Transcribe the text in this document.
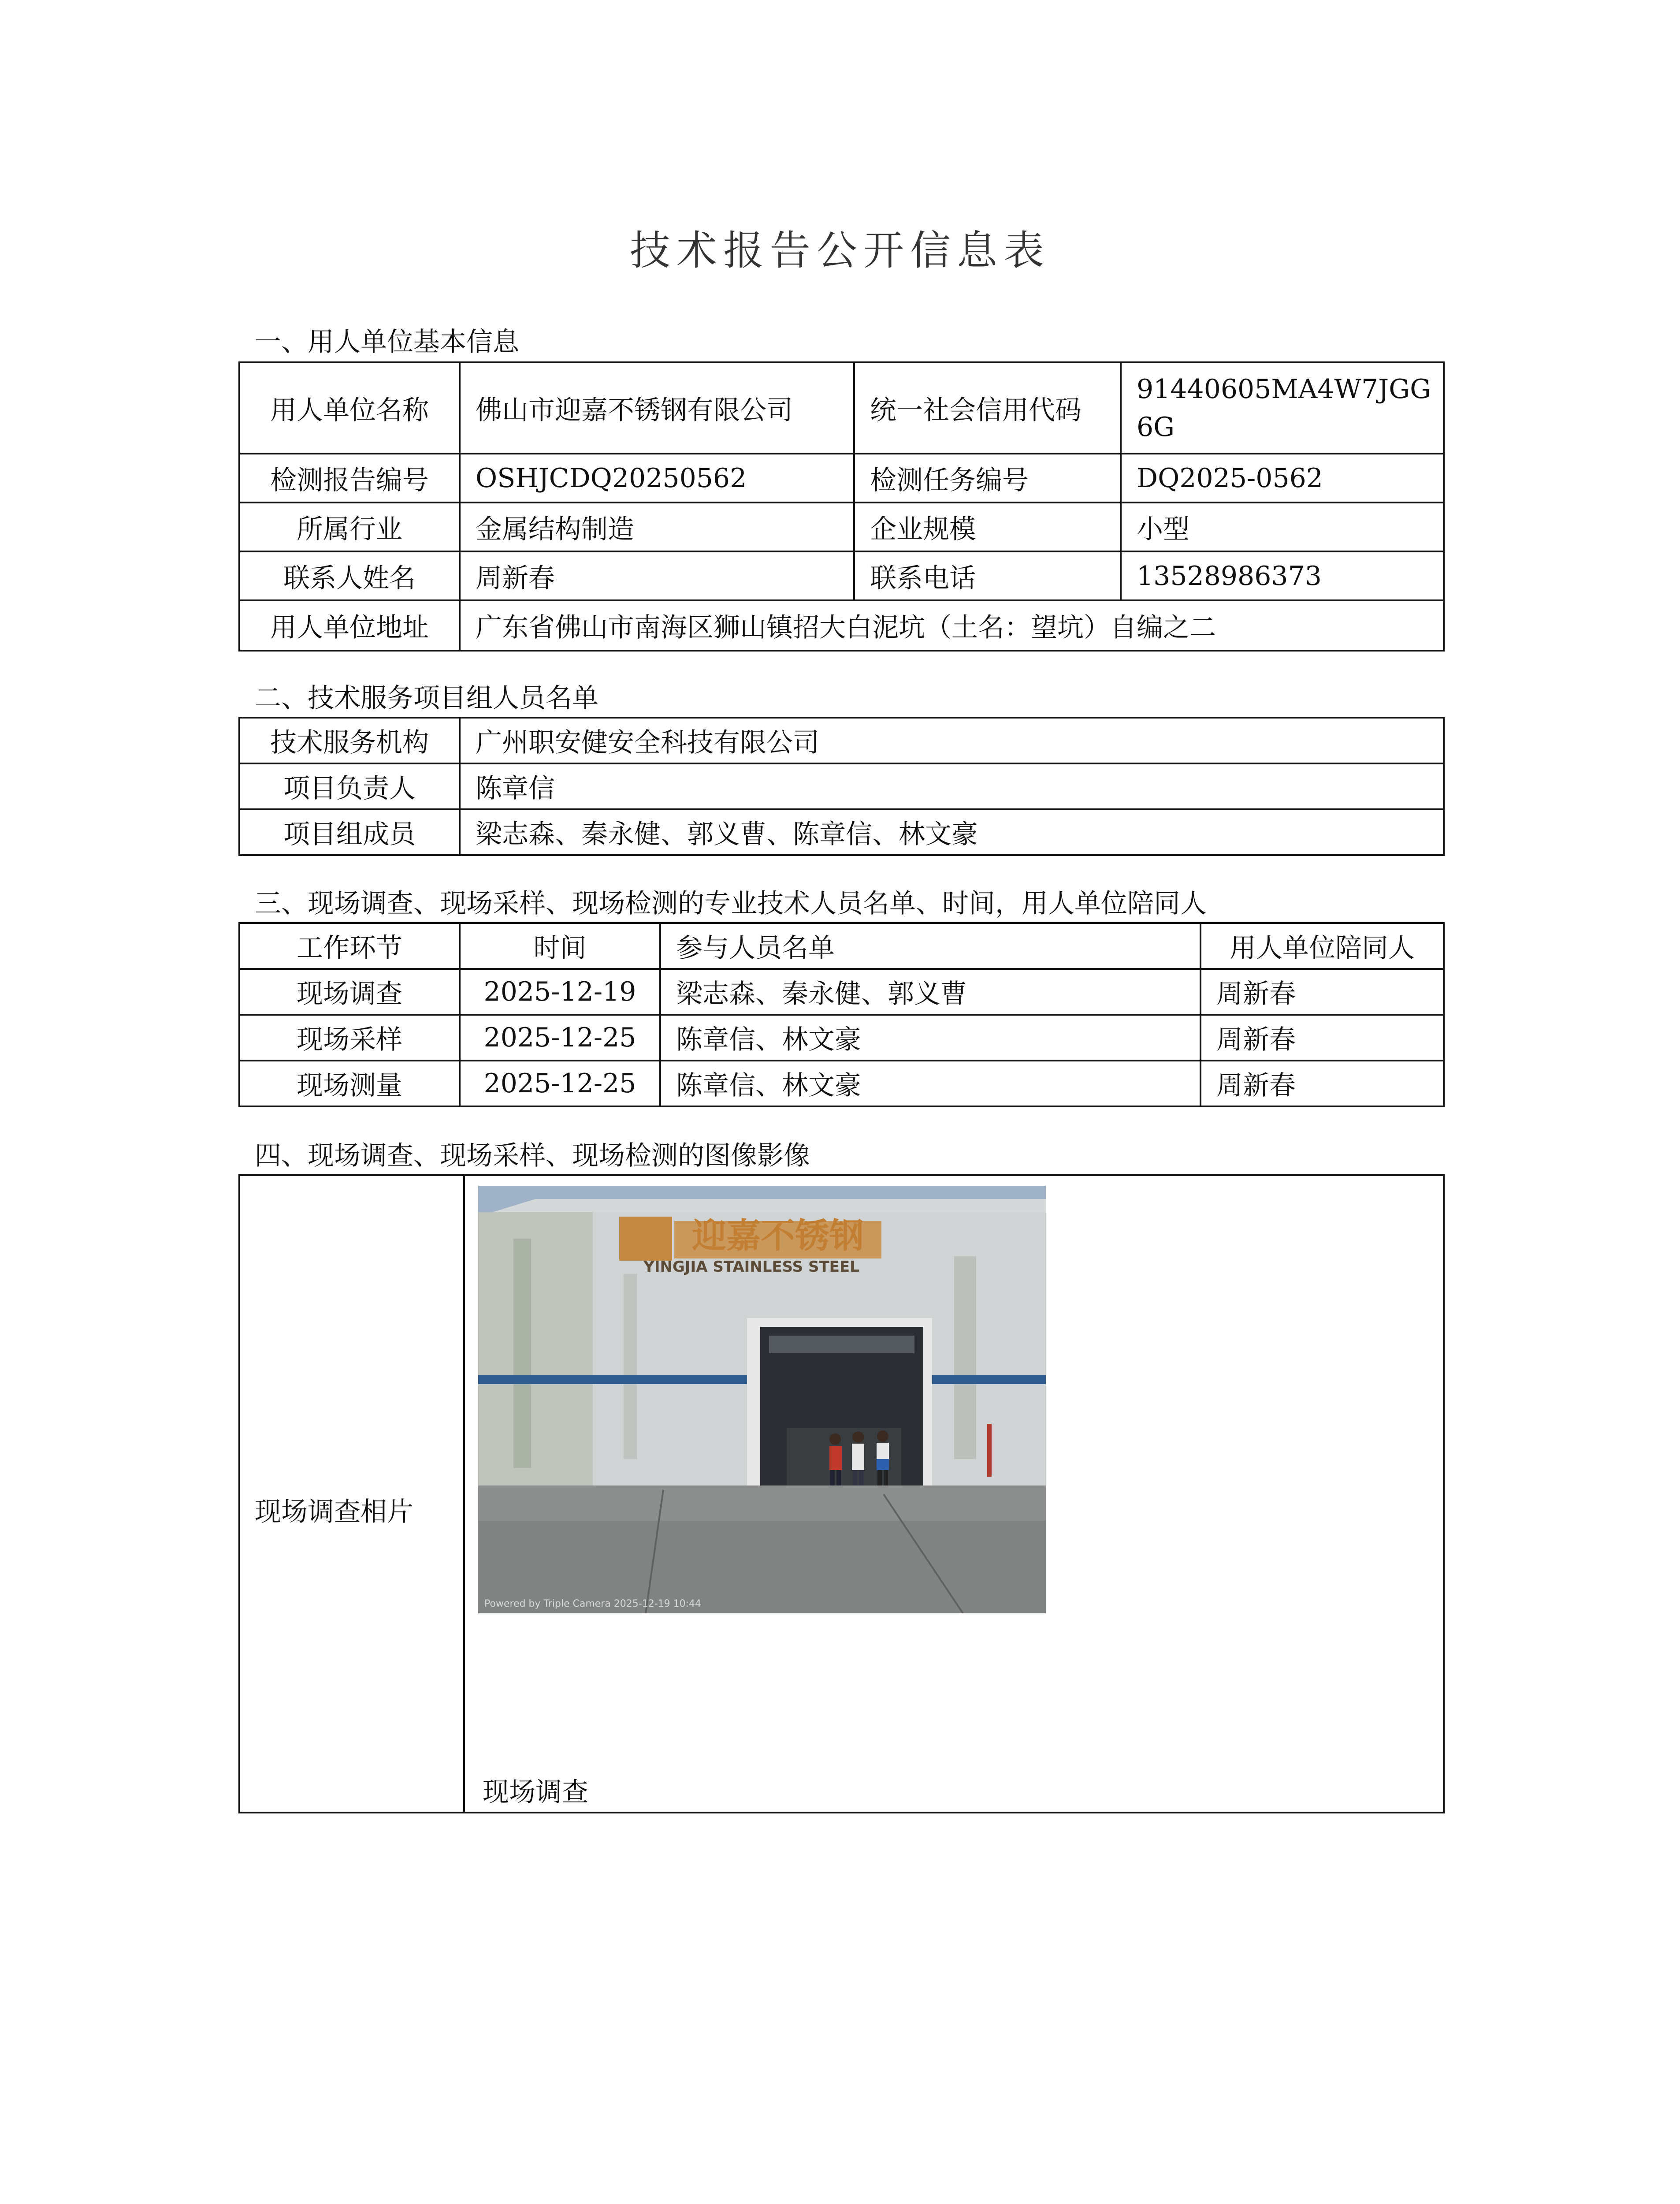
技术报告公开信息表
一、用人单位基本信息
用人单位名称	佛山市迎嘉不锈钢有限公司	统一社会信用代码	91440605MA4W7JGG6G
检测报告编号	OSHJCDQ20250562	检测任务编号	DQ2025-0562
所属行业	金属结构制造	企业规模	小型
联系人姓名	周新春	联系电话	13528986373
用人单位地址	广东省佛山市南海区狮山镇招大白泥坑（土名：望坑）自编之二		
二、技术服务项目组人员名单
技术服务机构	广州职安健安全科技有限公司
项目负责人	陈章信
项目组成员	梁志森、秦永健、郭义曹、陈章信、林文豪
三、现场调查、现场采样、现场检测的专业技术人员名单、时间，用人单位陪同人
工作环节	时间	参与人员名单	用人单位陪同人
现场调查	2025-12-19	梁志森、秦永健、郭义曹	周新春
现场采样	2025-12-25	陈章信、林文豪	周新春
现场测量	2025-12-25	陈章信、林文豪	周新春
四、现场调查、现场采样、现场检测的图像影像

现场调查相片
迎嘉不锈钢
YINGJIA STAINLESS STEEL
Powered by Triple Camera 2025-12-19 10:44
现场调查
